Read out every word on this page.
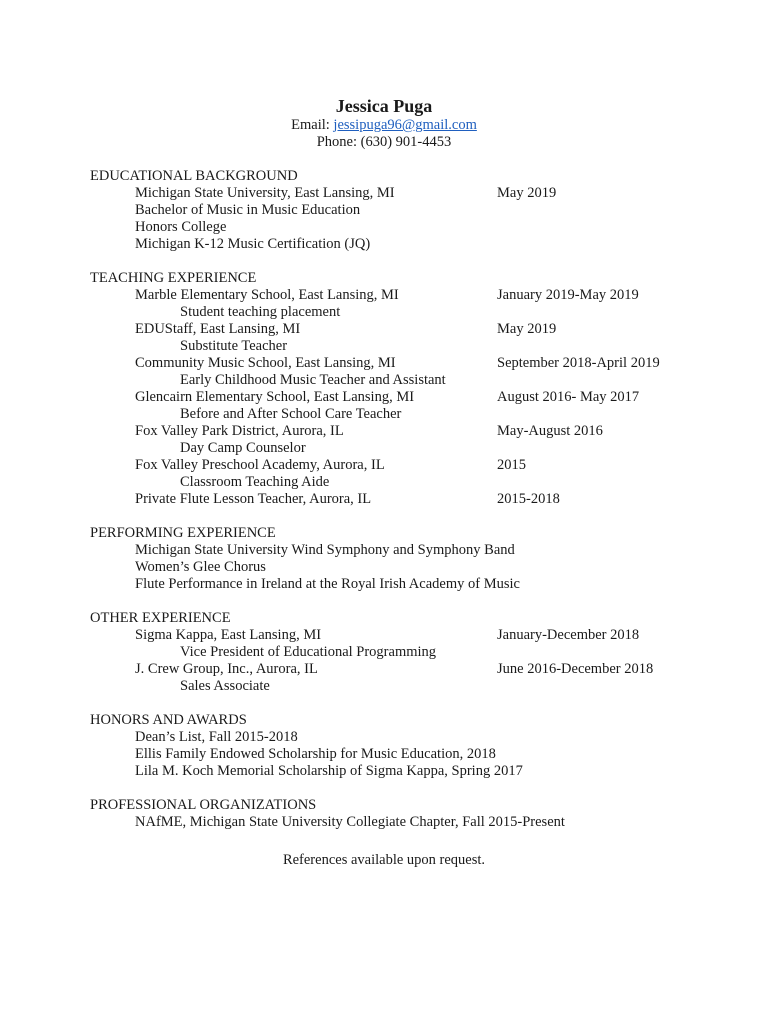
Jessica Puga
Email: jessipuga96@gmail.com
Phone: (630) 901-4453
EDUCATIONAL BACKGROUND
Michigan State University, East Lansing, MI	May 2019
Bachelor of Music in Music Education
Honors College
Michigan K-12 Music Certification (JQ)
TEACHING EXPERIENCE
Marble Elementary School, East Lansing, MI	January 2019-May 2019
Student teaching placement
EDUStaff, East Lansing, MI	May 2019
Substitute Teacher
Community Music School, East Lansing, MI	September 2018-April 2019
Early Childhood Music Teacher and Assistant
Glencairn Elementary School, East Lansing, MI	August 2016- May 2017
Before and After School Care Teacher
Fox Valley Park District, Aurora, IL	May-August 2016
Day Camp Counselor
Fox Valley Preschool Academy, Aurora, IL	2015
Classroom Teaching Aide
Private Flute Lesson Teacher, Aurora, IL	2015-2018
PERFORMING EXPERIENCE
Michigan State University Wind Symphony and Symphony Band
Women’s Glee Chorus
Flute Performance in Ireland at the Royal Irish Academy of Music
OTHER EXPERIENCE
Sigma Kappa, East Lansing, MI	January-December 2018
Vice President of Educational Programming
J. Crew Group, Inc., Aurora, IL	June 2016-December 2018
Sales Associate
HONORS AND AWARDS
Dean’s List, Fall 2015-2018
Ellis Family Endowed Scholarship for Music Education, 2018
Lila M. Koch Memorial Scholarship of Sigma Kappa, Spring 2017
PROFESSIONAL ORGANIZATIONS
NAfME, Michigan State University Collegiate Chapter, Fall 2015-Present
References available upon request.
